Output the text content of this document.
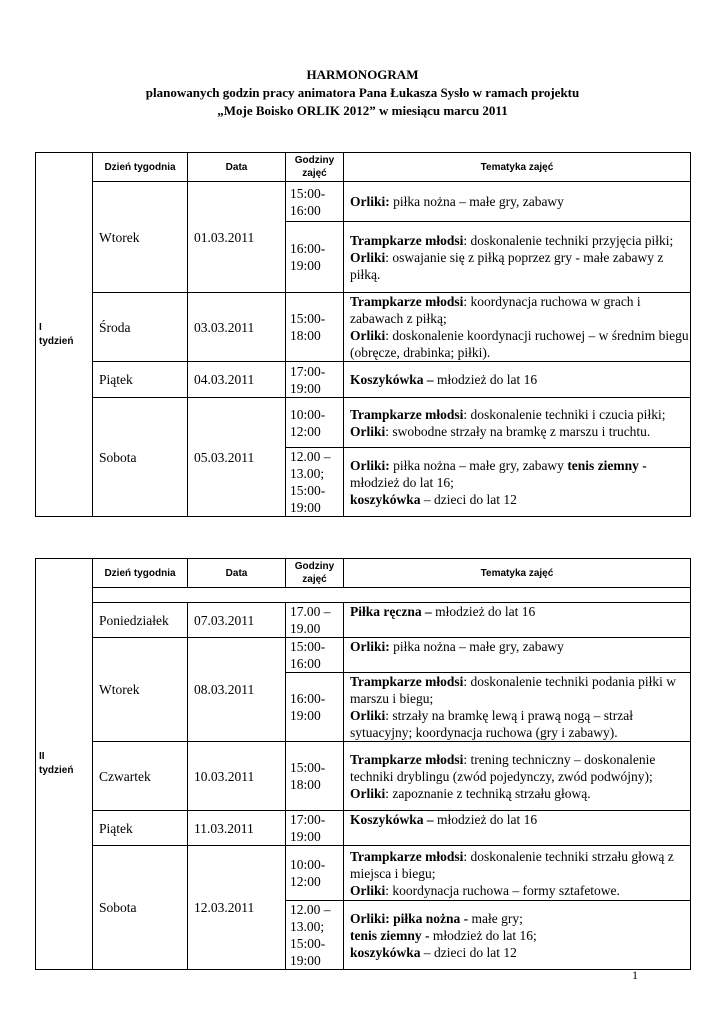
HARMONOGRAM
planowanych godzin pracy animatora Pana Łukasza Sysło w ramach projektu
„Moje Boisko ORLIK 2012” w miesiącu marcu 2011
I
tydzień	Dzień tygodnia	Data	Godziny zajęć	Tematyka zajęć
	Wtorek	01.03.2011	15:00-16:00	Orliki: piłka nożna – małe gry, zabawy
			16:00-19:00	Trampkarze młodsi: doskonalenie techniki przyjęcia piłki;
Orliki: oswajanie się z piłką poprzez gry - małe zabawy z piłką.
	Środa	03.03.2011	15:00-18:00	Trampkarze młodsi: koordynacja ruchowa w grach i zabawach z piłką;
Orliki: doskonalenie koordynacji ruchowej – w średnim biegu (obręcze, drabinka; piłki).
	Piątek	04.03.2011	17:00-19:00	Koszykówka – młodzież do lat 16
	Sobota	05.03.2011	10:00-12:00	Trampkarze młodsi: doskonalenie techniki i czucia piłki;
Orliki: swobodne strzały na bramkę z marszu i truchtu.
			12.00 – 13.00; 15:00-19:00	Orliki: piłka nożna – małe gry, zabawy tenis ziemny - młodzież do lat 16;
koszykówka – dzieci do lat 12
II
tydzień	Dzień tygodnia	Data	Godziny zajęć	Tematyka zajęć

	Poniedziałek	07.03.2011	17.00 – 19.00	Piłka ręczna – młodzież do lat 16
	Wtorek	08.03.2011	15:00-16:00	Orliki: piłka nożna – małe gry, zabawy
			16:00-19:00	Trampkarze młodsi: doskonalenie techniki podania piłki w marszu i biegu;
Orliki: strzały na bramkę lewą i prawą nogą – strzał sytuacyjny; koordynacja ruchowa (gry i zabawy).
	Czwartek	10.03.2011	15:00-18:00	Trampkarze młodsi: trening techniczny – doskonalenie techniki dryblingu (zwód pojedynczy, zwód podwójny);
Orliki: zapoznanie z techniką strzału głową.
	Piątek	11.03.2011	17:00-19:00	Koszykówka – młodzież do lat 16
	Sobota	12.03.2011	10:00-12:00	Trampkarze młodsi: doskonalenie techniki strzału głową z miejsca i biegu;
Orliki: koordynacja ruchowa – formy sztafetowe.
			12.00 – 13.00; 15:00-19:00	Orliki: piłka nożna - małe gry;
tenis ziemny - młodzież do lat 16;
koszykówka – dzieci do lat 12
1
